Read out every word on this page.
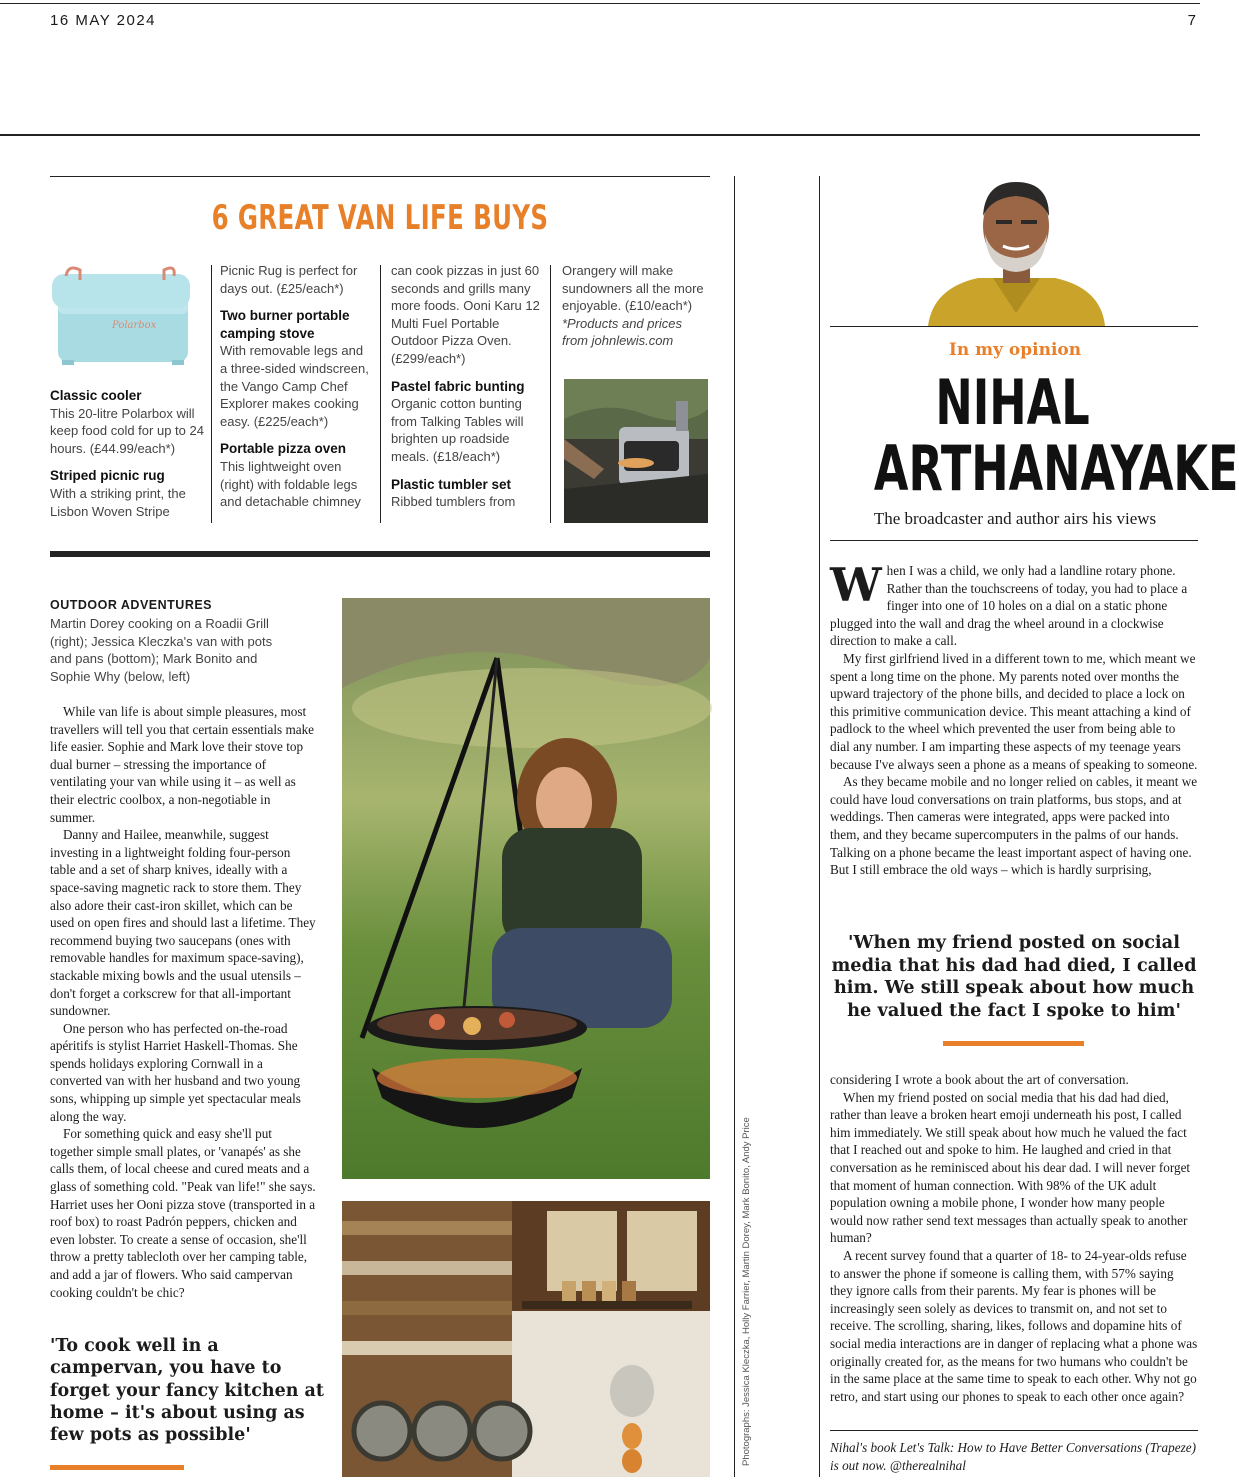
16 MAY 2024	7
6 GREAT VAN LIFE BUYS
Polarbox
Classic cooler
This 20-litre Polarbox will keep food cold for up to 24 hours. (£44.99/each*)
Striped picnic rug
With a striking print, the Lisbon Woven Stripe
Picnic Rug is perfect for days out. (£25/each*)
Two burner portable camping stove
With removable legs and a three-sided windscreen, the Vango Camp Chef Explorer makes cooking easy. (£225/each*)
Portable pizza oven
This lightweight oven (right) with foldable legs and detachable chimney
can cook pizzas in just 60 seconds and grills many more foods. Ooni Karu 12 Multi Fuel Portable Outdoor Pizza Oven. (£299/each*)
Pastel fabric bunting
Organic cotton bunting from Talking Tables will brighten up roadside meals. (£18/each*)
Plastic tumbler set
Ribbed tumblers from
Orangery will make sundowners all the more enjoyable. (£10/each*)
*Products and prices from johnlewis.com
OUTDOOR ADVENTURES
Martin Dorey cooking on a Roadii Grill (right); Jessica Kleczka's van with pots and pans (bottom); Mark Bonito and Sophie Why (below, left)

While van life is about simple pleasures, most travellers will tell you that certain essentials make life easier. Sophie and Mark love their stove top dual burner – stressing the importance of ventilating your van while using it – as well as their electric coolbox, a non-negotiable in summer.

Danny and Hailee, meanwhile, suggest investing in a lightweight folding four-person table and a set of sharp knives, ideally with a space-saving magnetic rack to store them. They also adore their cast-iron skillet, which can be used on open fires and should last a lifetime. They recommend buying two saucepans (ones with removable handles for maximum space-saving), stackable mixing bowls and the usual utensils – don't forget a corkscrew for that all-important sundowner.

One person who has perfected on-the-road apéritifs is stylist Harriet Haskell-Thomas. She spends holidays exploring Cornwall in a converted van with her husband and two young sons, whipping up simple yet spectacular meals along the way.

For something quick and easy she'll put together simple small plates, or 'vanapés' as she calls them, of local cheese and cured meats and a glass of something cold. "Peak van life!" she says. Harriet uses her Ooni pizza stove (transported in a roof box) to roast Padrón peppers, chicken and even lobster. To create a sense of occasion, she'll throw a pretty tablecloth over her camping table, and add a jar of flowers. Who said campervan cooking couldn't be chic?

'To cook well in a campervan, you have to forget your fancy kitchen at home – it's about using as few pots as possible'	Photographs: Jessica Kleczka, Holly Farrier, Martin Dorey, Mark Bonito, Andy Price
In my opinion
NIHAL
ARTHANAYAKE
The broadcaster and author airs his views

When I was a child, we only had a landline rotary phone. Rather than the touchscreens of today, you had to place a finger into one of 10 holes on a dial on a static phone plugged into the wall and drag the wheel around in a clockwise direction to make a call.

My first girlfriend lived in a different town to me, which meant we spent a long time on the phone. My parents noted over months the upward trajectory of the phone bills, and decided to place a lock on this primitive communication device. This meant attaching a kind of padlock to the wheel which prevented the user from being able to dial any number. I am imparting these aspects of my teenage years because I've always seen a phone as a means of speaking to someone.

As they became mobile and no longer relied on cables, it meant we could have loud conversations on train platforms, bus stops, and at weddings. Then cameras were integrated, apps were packed into them, and they became supercomputers in the palms of our hands. Talking on a phone became the least important aspect of having one. But I still embrace the old ways – which is hardly surprising,

'When my friend posted on social media that his dad had died, I called him. We still speak about how much he valued the fact I spoke to him'

considering I wrote a book about the art of conversation.

When my friend posted on social media that his dad had died, rather than leave a broken heart emoji underneath his post, I called him immediately. We still speak about how much he valued the fact that I reached out and spoke to him. He laughed and cried in that conversation as he reminisced about his dear dad. I will never forget that moment of human connection. With 98% of the UK adult population owning a mobile phone, I wonder how many people would now rather send text messages than actually speak to another human?

A recent survey found that a quarter of 18- to 24-year-olds refuse to answer the phone if someone is calling them, with 57% saying they ignore calls from their parents. My fear is phones will be increasingly seen solely as devices to transmit on, and not set to receive. The scrolling, sharing, likes, follows and dopamine hits of social media interactions are in danger of replacing what a phone was originally created for, as the means for two humans who couldn't be in the same place at the same time to speak to each other. Why not go retro, and start using our phones to speak to each other once again?

Nihal's book Let's Talk: How to Have Better Conversations (Trapeze) is out now. @therealnihal
